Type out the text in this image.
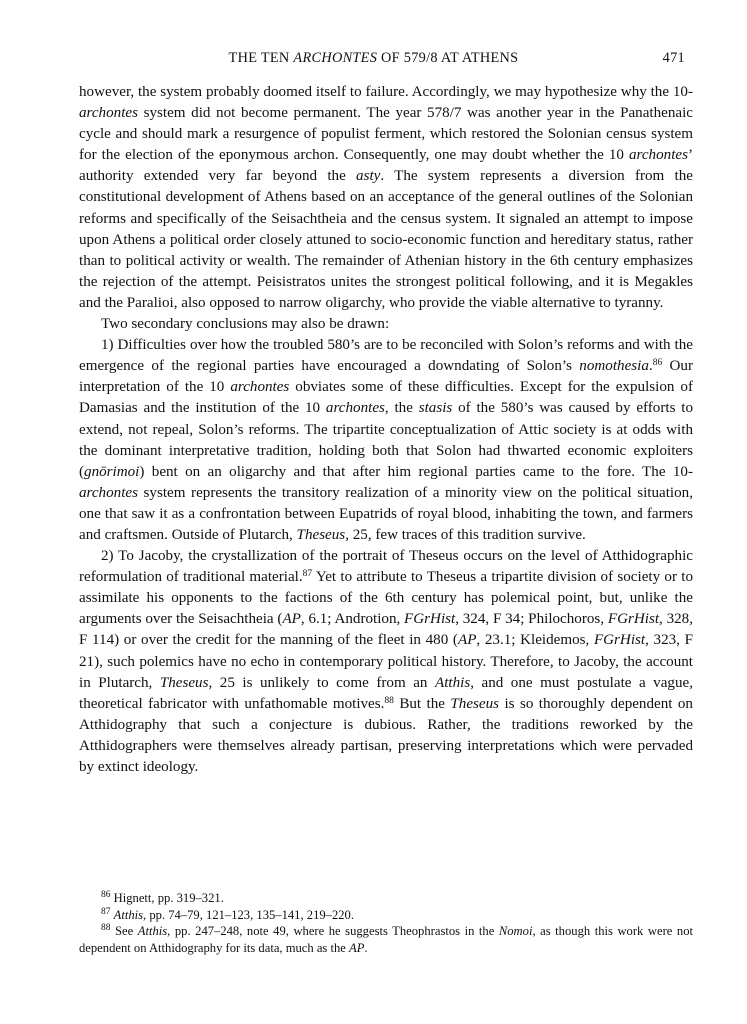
THE TEN ARCHONTES OF 579/8 AT ATHENS	471

however, the system probably doomed itself to failure. Accordingly, we may hypothesize why the 10-archontes system did not become permanent. The year 578/7 was another year in the Panathenaic cycle and should mark a resurgence of populist ferment, which restored the Solonian census system for the election of the eponymous archon. Consequently, one may doubt whether the 10 archontes’ authority extended very far beyond the asty. The system represents a diversion from the constitutional development of Athens based on an acceptance of the general outlines of the Solonian reforms and specifically of the Seisachtheia and the census system. It signaled an attempt to impose upon Athens a political order closely attuned to socio-economic function and hereditary status, rather than to political activity or wealth. The remainder of Athenian history in the 6th century emphasizes the rejection of the attempt. Peisistratos unites the strongest political following, and it is Megakles and the Paralioi, also opposed to narrow oligarchy, who provide the viable alternative to tyranny.

Two secondary conclusions may also be drawn:

1) Difficulties over how the troubled 580’s are to be reconciled with Solon’s reforms and with the emergence of the regional parties have encouraged a downdating of Solon’s nomothesia.$^{86}$ Our interpretation of the 10 archontes obviates some of these difficulties. Except for the expulsion of Damasias and the institution of the 10 archontes, the stasis of the 580’s was caused by efforts to extend, not repeal, Solon’s reforms. The tripartite conceptualization of Attic society is at odds with the dominant interpretative tradition, holding both that Solon had thwarted economic exploiters (gnōrimoi) bent on an oligarchy and that after him regional parties came to the fore. The 10-archontes system represents the transitory realization of a minority view on the political situation, one that saw it as a confrontation between Eupatrids of royal blood, inhabiting the town, and farmers and craftsmen. Outside of Plutarch, Theseus, 25, few traces of this tradition survive.

2) To Jacoby, the crystallization of the portrait of Theseus occurs on the level of Atthidographic reformulation of traditional material.$^{87}$ Yet to attribute to Theseus a tripartite division of society or to assimilate his opponents to the factions of the 6th century has polemical point, but, unlike the arguments over the Seisachtheia (AP, 6.1; Androtion, FGrHist, 324, F 34; Philochoros, FGrHist, 328, F 114) or over the credit for the manning of the fleet in 480 (AP, 23.1; Kleidemos, FGrHist, 323, F 21), such polemics have no echo in contemporary political history. Therefore, to Jacoby, the account in Plutarch, Theseus, 25 is unlikely to come from an Atthis, and one must postulate a vague, theoretical fabricator with unfathomable motives.$^{88}$ But the Theseus is so thoroughly dependent on Atthidography that such a conjecture is dubious. Rather, the traditions reworked by the Atthidographers were themselves already partisan, preserving interpretations which were pervaded by extinct ideology.

$^{86}$ Hignett, pp. 319–321.

$^{87}$ Atthis, pp. 74–79, 121–123, 135–141, 219–220.

$^{88}$ See Atthis, pp. 247–248, note 49, where he suggests Theophrastos in the Nomoi, as though this work were not dependent on Atthidography for its data, much as the AP.
